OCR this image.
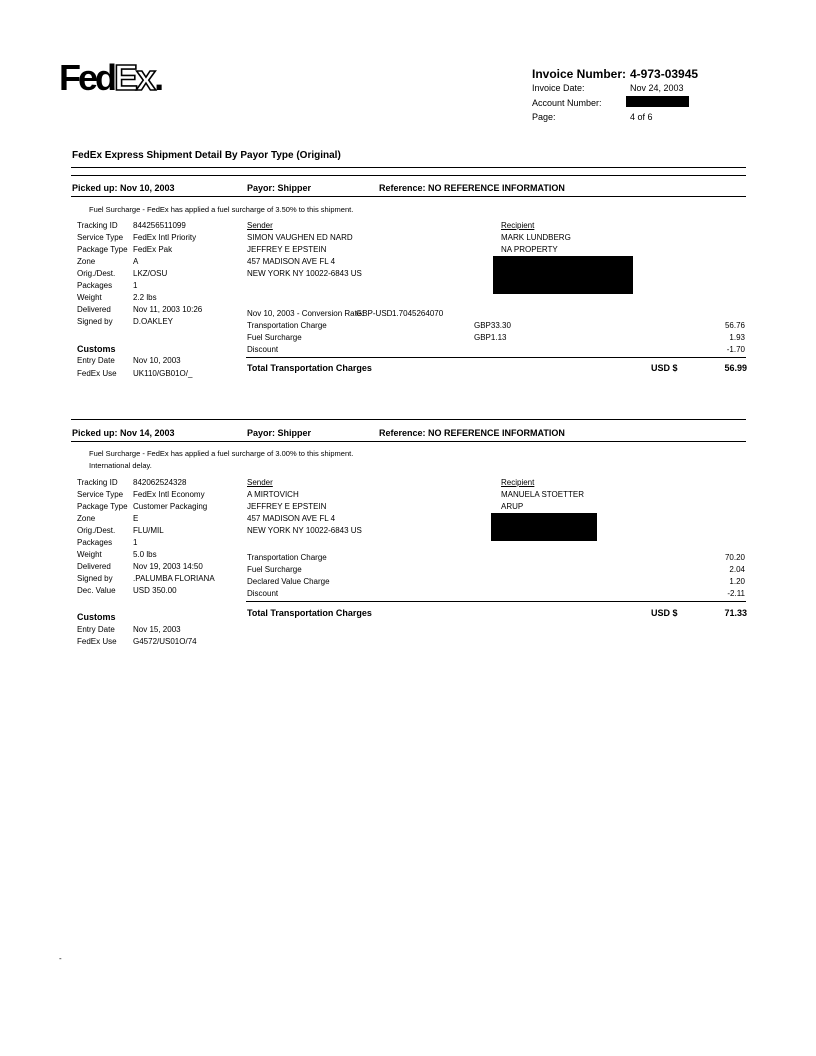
FedEx.	Invoice Number: 4-973-03945
Invoice Date:	Nov 24, 2003
Account Number:
Page:	4 of 6
FedEx Express Shipment Detail By Payor Type (Original)
Picked up: Nov 10, 2003	Payor: Shipper	Reference: NO REFERENCE INFORMATION
Fuel Surcharge - FedEx has applied a fuel surcharge of 3.50% to this shipment.
Tracking ID 844256511099
Service Type FedEx Intl Priority
Package Type FedEx Pak
Zone	A
Orig./Dest. LKZ/OSU
Packages	1
Weight	2.2 lbs
Delivered	Nov 11, 2003 10:26
Signed by	D.OAKLEY
Customs
Entry Date Nov 10, 2003
FedEx Use UK110/GB01O/_
Sender
SIMON VAUGHEN ED NARD
JEFFREY E EPSTEIN
457 MADISON AVE FL 4
NEW YORK NY 10022-6843 US
Recipient
MARK LUNDBERG
NA PROPERTY
Nov 10, 2003 - Conversion Rate:
GBP-USD 1.7045264070
Transportation Charge	GBP33.30	56.76
Fuel Surcharge	GBP1.13	1.93
Discount	-1.70
Total Transportation Charges	USD $	56.99
Picked up: Nov 14, 2003	Payor: Shipper	Reference: NO REFERENCE INFORMATION
Fuel Surcharge - FedEx has applied a fuel surcharge of 3.00% to this shipment.
International delay.
Tracking ID 842062524328
Service Type FedEx Intl Economy
Package Type Customer Packaging
Zone	E
Orig./Dest. FLU/MIL
Packages	1
Weight	5.0 lbs
Delivered	Nov 19, 2003 14:50
Signed by	.PALUMBA FLORIANA
Dec. Value USD 350.00
Customs
Entry Date Nov 15, 2003
FedEx Use G4572/US01O/74
Sender
A MIRTOVICH
JEFFREY E EPSTEIN
457 MADISON AVE FL 4
NEW YORK NY 10022-6843 US
Recipient
MANUELA STOETTER
ARUP
Transportation Charge	70.20
Fuel Surcharge	2.04
Declared Value Charge	1.20
Discount	-2.11
Total Transportation Charges	USD $	71.33
-
